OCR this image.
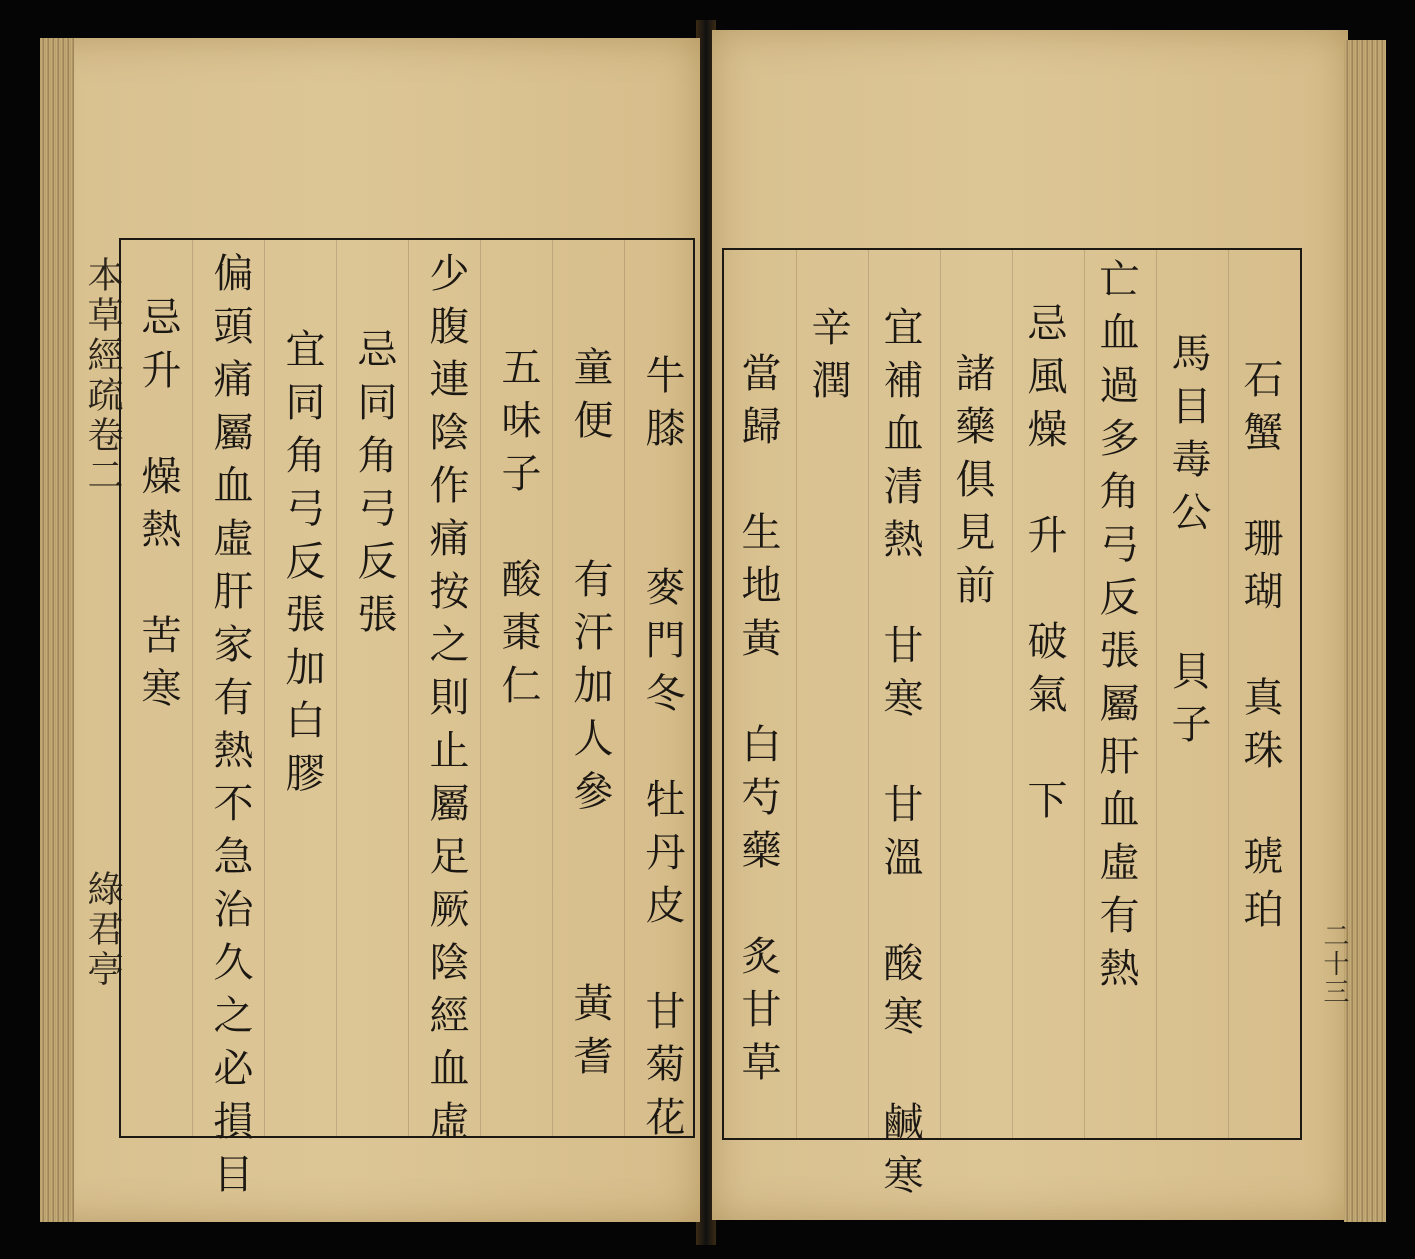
本草經疏卷二
綠君亭	牛膝　　麥門冬　牡丹皮　甘菊花
童便　　有汗加人參　　　黃耆
五味子　酸棗仁
少腹連陰作痛按之則止屬足厥陰經血虛
忌同角弓反張
宜同角弓反張加白膠
偏頭痛屬血虛肝家有熱不急治久之必損目
忌升　燥熱　苦寒	石蟹　珊瑚　真珠　琥珀
馬目毒公　　貝子
亡血過多角弓反張屬肝血虛有熱
忌風燥　升　破氣　下
諸藥俱見前
宜補血清熱　甘寒　甘溫　酸寒　鹹寒
辛潤
當歸　生地黃　白芍藥　炙甘草	二十三
